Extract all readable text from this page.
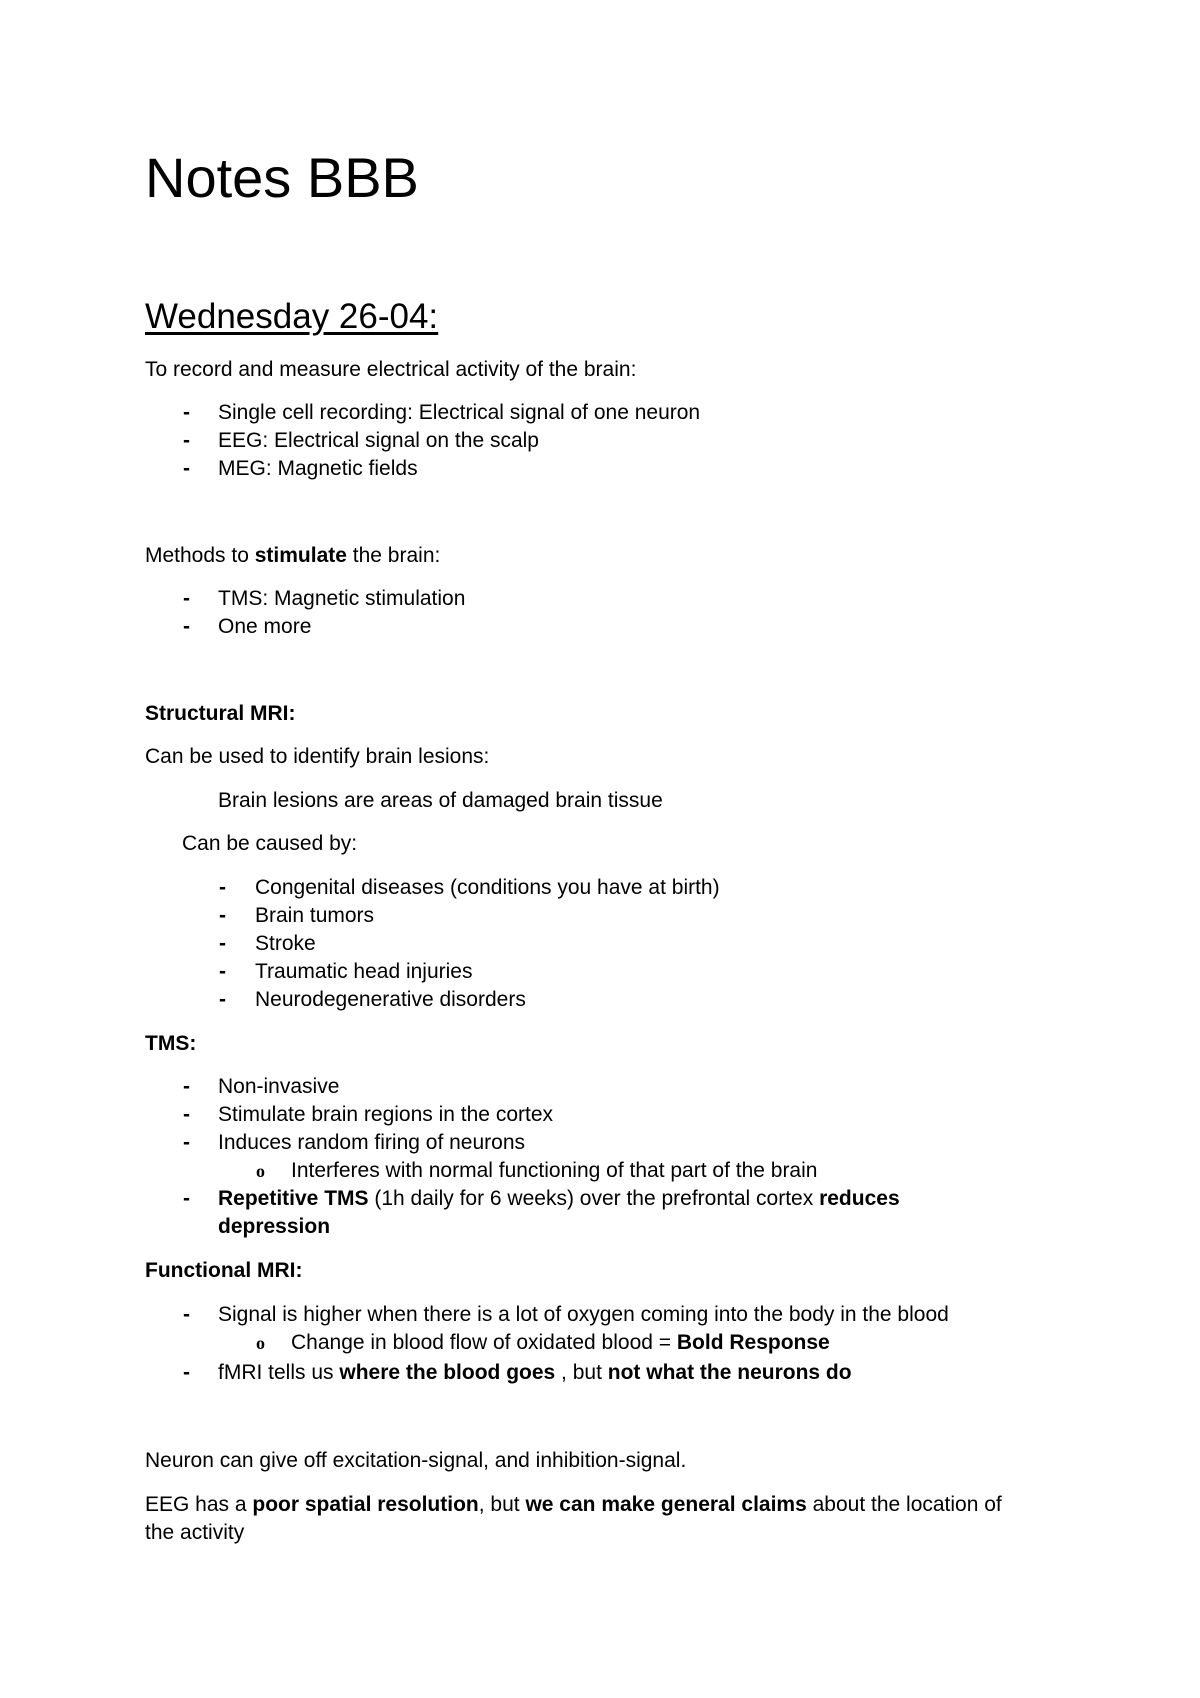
Notes BBB
Wednesday 26-04:
To record and measure electrical activity of the brain:
- Single cell recording: Electrical signal of one neuron
- EEG: Electrical signal on the scalp
- MEG: Magnetic fields
Methods to stimulate the brain:
- TMS: Magnetic stimulation
- One more
Structural MRI:
Can be used to identify brain lesions:
Brain lesions are areas of damaged brain tissue
Can be caused by:
- Congenital diseases (conditions you have at birth)
- Brain tumors
- Stroke
- Traumatic head injuries
- Neurodegenerative disorders
TMS:
- Non-invasive
- Stimulate brain regions in the cortex
- Induces random firing of neurons
o Interferes with normal functioning of that part of the brain
- Repetitive TMS (1h daily for 6 weeks) over the prefrontal cortex reduces
depression
Functional MRI:
- Signal is higher when there is a lot of oxygen coming into the body in the blood
o Change in blood flow of oxidated blood = Bold Response
- fMRI tells us where the blood goes , but not what the neurons do
Neuron can give off excitation-signal, and inhibition-signal.
EEG has a poor spatial resolution, but we can make general claims about the location of
the activity
